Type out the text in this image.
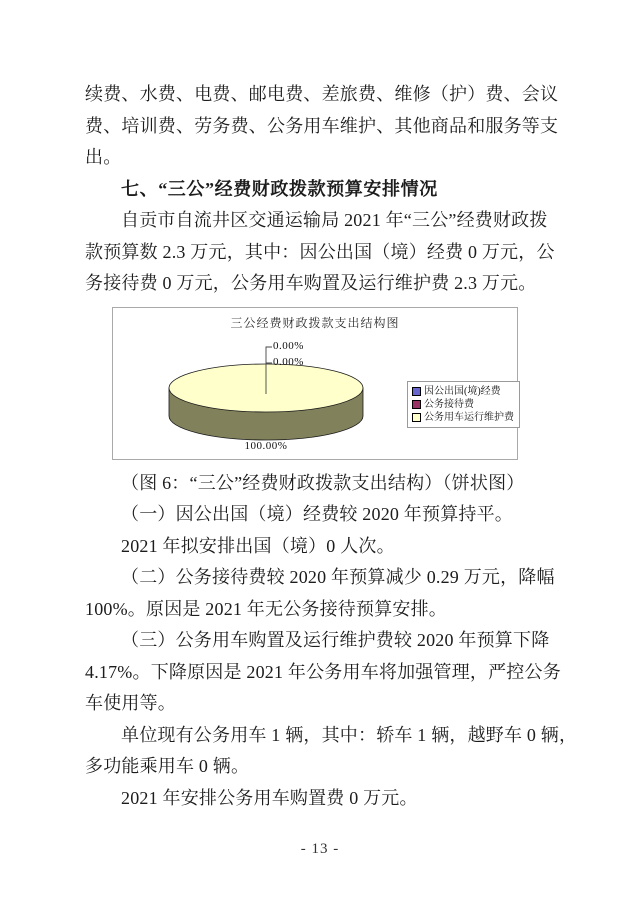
续费、水费、电费、邮电费、差旅费、维修（护）费、会议
费、培训费、劳务费、公务用车维护、其他商品和服务等支
出。
七、“三公”经费财政拨款预算安排情况
自贡市自流井区交通运输局 2021 年“三公”经费财政拨
款预算数 2.3 万元，其中：因公出国（境）经费 0 万元，公
务接待费 0 万元，公务用车购置及运行维护费 2.3 万元。
三公经费财政拨款支出结构图
0.00%
0.00%
100.00%
因公出国(境)经费
公务接待费
公务用车运行维护费
（图 6：“三公”经费财政拨款支出结构）（饼状图）
（一）因公出国（境）经费较 2020 年预算持平。
2021 年拟安排出国（境）0 人次。
（二）公务接待费较 2020 年预算减少 0.29 万元，降幅
100%。原因是 2021 年无公务接待预算安排。
（三）公务用车购置及运行维护费较 2020 年预算下降
4.17%。下降原因是 2021 年公务用车将加强管理，严控公务
车使用等。
单位现有公务用车 1 辆，其中：轿车 1 辆，越野车 0 辆，
多功能乘用车 0 辆。
2021 年安排公务用车购置费 0 万元。
- 13 -
